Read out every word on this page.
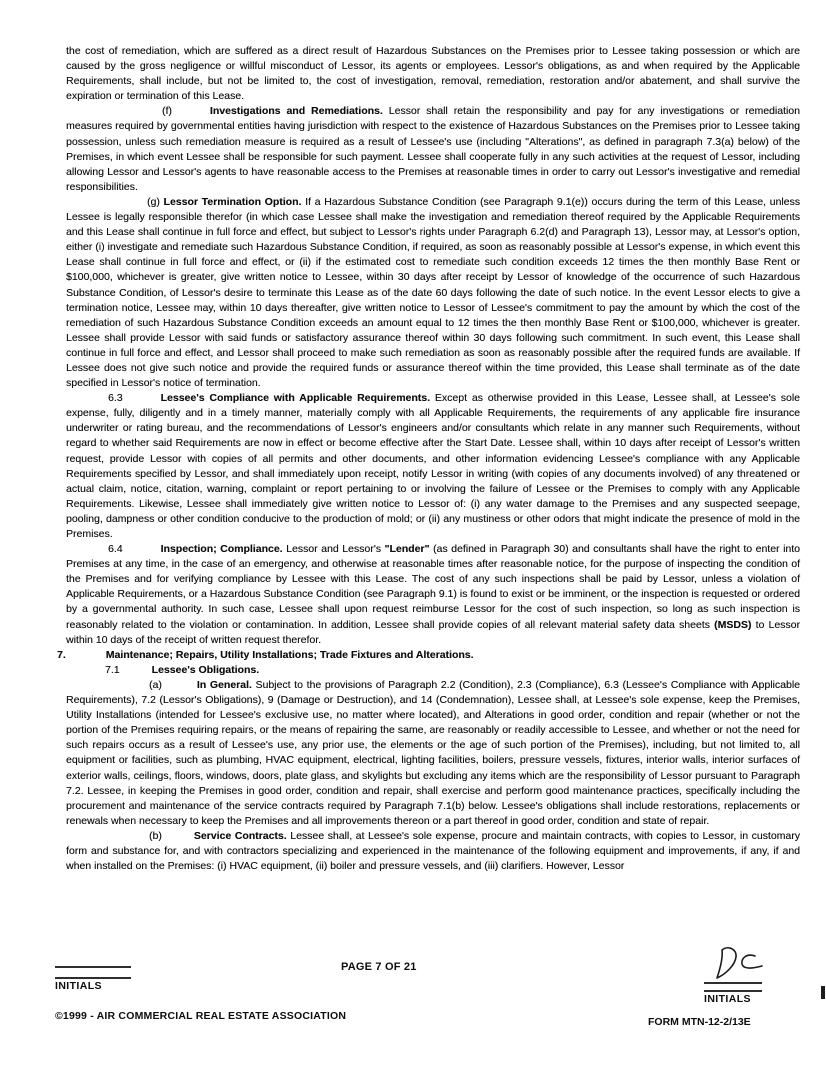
the cost of remediation, which are suffered as a direct result of Hazardous Substances on the Premises prior to Lessee taking possession or which are caused by the gross negligence or willful misconduct of Lessor, its agents or employees. Lessor's obligations, as and when required by the Applicable Requirements, shall include, but not be limited to, the cost of investigation, removal, remediation, restoration and/or abatement, and shall survive the expiration or termination of this Lease.

(f)	Investigations and Remediations. Lessor shall retain the responsibility and pay for any investigations or remediation measures required by governmental entities having jurisdiction with respect to the existence of Hazardous Substances on the Premises prior to Lessee taking possession, unless such remediation measure is required as a result of Lessee's use (including "Alterations", as defined in paragraph 7.3(a) below) of the Premises, in which event Lessee shall be responsible for such payment. Lessee shall cooperate fully in any such activities at the request of Lessor, including allowing Lessor and Lessor's agents to have reasonable access to the Premises at reasonable times in order to carry out Lessor's investigative and remedial responsibilities.

(g) Lessor Termination Option. If a Hazardous Substance Condition (see Paragraph 9.1(e)) occurs during the term of this Lease, unless Lessee is legally responsible therefor (in which case Lessee shall make the investigation and remediation thereof required by the Applicable Requirements and this Lease shall continue in full force and effect, but subject to Lessor's rights under Paragraph 6.2(d) and Paragraph 13), Lessor may, at Lessor's option, either (i) investigate and remediate such Hazardous Substance Condition, if required, as soon as reasonably possible at Lessor's expense, in which event this Lease shall continue in full force and effect, or (ii) if the estimated cost to remediate such condition exceeds 12 times the then monthly Base Rent or $100,000, whichever is greater, give written notice to Lessee, within 30 days after receipt by Lessor of knowledge of the occurrence of such Hazardous Substance Condition, of Lessor's desire to terminate this Lease as of the date 60 days following the date of such notice. In the event Lessor elects to give a termination notice, Lessee may, within 10 days thereafter, give written notice to Lessor of Lessee's commitment to pay the amount by which the cost of the remediation of such Hazardous Substance Condition exceeds an amount equal to 12 times the then monthly Base Rent or $100,000, whichever is greater. Lessee shall provide Lessor with said funds or satisfactory assurance thereof within 30 days following such commitment. In such event, this Lease shall continue in full force and effect, and Lessor shall proceed to make such remediation as soon as reasonably possible after the required funds are available. If Lessee does not give such notice and provide the required funds or assurance thereof within the time provided, this Lease shall terminate as of the date specified in Lessor's notice of termination.

6.3	Lessee's Compliance with Applicable Requirements. Except as otherwise provided in this Lease, Lessee shall, at Lessee's sole expense, fully, diligently and in a timely manner, materially comply with all Applicable Requirements, the requirements of any applicable fire insurance underwriter or rating bureau, and the recommendations of Lessor's engineers and/or consultants which relate in any manner such Requirements, without regard to whether said Requirements are now in effect or become effective after the Start Date. Lessee shall, within 10 days after receipt of Lessor's written request, provide Lessor with copies of all permits and other documents, and other information evidencing Lessee's compliance with any Applicable Requirements specified by Lessor, and shall immediately upon receipt, notify Lessor in writing (with copies of any documents involved) of any threatened or actual claim, notice, citation, warning, complaint or report pertaining to or involving the failure of Lessee or the Premises to comply with any Applicable Requirements. Likewise, Lessee shall immediately give written notice to Lessor of: (i) any water damage to the Premises and any suspected seepage, pooling, dampness or other condition conducive to the production of mold; or (ii) any mustiness or other odors that might indicate the presence of mold in the Premises.

6.4	Inspection; Compliance. Lessor and Lessor's "Lender" (as defined in Paragraph 30) and consultants shall have the right to enter into Premises at any time, in the case of an emergency, and otherwise at reasonable times after reasonable notice, for the purpose of inspecting the condition of the Premises and for verifying compliance by Lessee with this Lease. The cost of any such inspections shall be paid by Lessor, unless a violation of Applicable Requirements, or a Hazardous Substance Condition (see Paragraph 9.1) is found to exist or be imminent, or the inspection is requested or ordered by a governmental authority. In such case, Lessee shall upon request reimburse Lessor for the cost of such inspection, so long as such inspection is reasonably related to the violation or contamination. In addition, Lessee shall provide copies of all relevant material safety data sheets (MSDS) to Lessor within 10 days of the receipt of written request therefor.

7.	Maintenance; Repairs, Utility Installations; Trade Fixtures and Alterations.

7.1	Lessee's Obligations.

(a)	In General. Subject to the provisions of Paragraph 2.2 (Condition), 2.3 (Compliance), 6.3 (Lessee's Compliance with Applicable Requirements), 7.2 (Lessor's Obligations), 9 (Damage or Destruction), and 14 (Condemnation), Lessee shall, at Lessee's sole expense, keep the Premises, Utility Installations (intended for Lessee's exclusive use, no matter where located), and Alterations in good order, condition and repair (whether or not the portion of the Premises requiring repairs, or the means of repairing the same, are reasonably or readily accessible to Lessee, and whether or not the need for such repairs occurs as a result of Lessee's use, any prior use, the elements or the age of such portion of the Premises), including, but not limited to, all equipment or facilities, such as plumbing, HVAC equipment, electrical, lighting facilities, boilers, pressure vessels, fixtures, interior walls, interior surfaces of exterior walls, ceilings, floors, windows, doors, plate glass, and skylights but excluding any items which are the responsibility of Lessor pursuant to Paragraph 7.2. Lessee, in keeping the Premises in good order, condition and repair, shall exercise and perform good maintenance practices, specifically including the procurement and maintenance of the service contracts required by Paragraph 7.1(b) below. Lessee's obligations shall include restorations, replacements or renewals when necessary to keep the Premises and all improvements thereon or a part thereof in good order, condition and state of repair.

(b)	Service Contracts. Lessee shall, at Lessee's sole expense, procure and maintain contracts, with copies to Lessor, in customary form and substance for, and with contractors specializing and experienced in the maintenance of the following equipment and improvements, if any, if and when installed on the Premises: (i) HVAC equipment, (ii) boiler and pressure vessels, and (iii) clarifiers. However, Lessor

PAGE 7 OF 21
INITIALS
INITIALS
©1999 - AIR COMMERCIAL REAL ESTATE ASSOCIATION	FORM MTN-12-2/13E
